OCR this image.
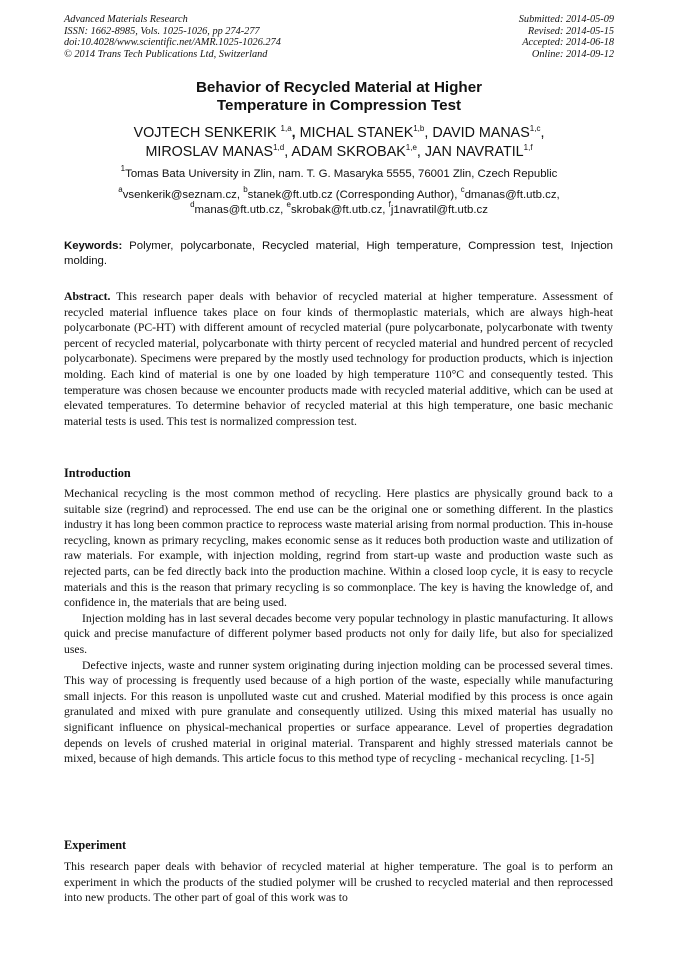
Advanced Materials Research
ISSN: 1662-8985, Vols. 1025-1026, pp 274-277
doi:10.4028/www.scientific.net/AMR.1025-1026.274
© 2014 Trans Tech Publications Ltd, Switzerland
Submitted: 2014-05-09
Revised: 2014-05-15
Accepted: 2014-06-18
Online: 2014-09-12
Behavior of Recycled Material at Higher
Temperature in Compression Test
VOJTECH SENKERIK $^{1,a}$, MICHAL STANEK$^{1,b}$, DAVID MANAS$^{1,c}$,
MIROSLAV MANAS$^{1,d}$, ADAM SKROBAK$^{1,e}$, JAN NAVRATIL$^{1,f}$
$^1$Tomas Bata University in Zlin, nam. T. G. Masaryka 5555, 76001 Zlin, Czech Republic
$^a$vsenkerik@seznam.cz, $^b$stanek@ft.utb.cz (Corresponding Author), $^c$dmanas@ft.utb.cz,
$^d$manas@ft.utb.cz, $^e$skrobak@ft.utb.cz, $^f$j1navratil@ft.utb.cz
Keywords: Polymer, polycarbonate, Recycled material, High temperature, Compression test, Injection molding.

Abstract. This research paper deals with behavior of recycled material at higher temperature. Assessment of recycled material influence takes place on four kinds of thermoplastic materials, which are always high-heat polycarbonate (PC-HT) with different amount of recycled material (pure polycarbonate, polycarbonate with twenty percent of recycled material, polycarbonate with thirty percent of recycled material and hundred percent of recycled polycarbonate). Specimens were prepared by the mostly used technology for production products, which is injection molding. Each kind of material is one by one loaded by high temperature 110°C and consequently tested. This temperature was chosen because we encounter products made with recycled material additive, which can be used at elevated temperatures. To determine behavior of recycled material at this high temperature, one basic mechanic material tests is used. This test is normalized compression test.

Introduction

Mechanical recycling is the most common method of recycling. Here plastics are physically ground back to a suitable size (regrind) and reprocessed. The end use can be the original one or something different. In the plastics industry it has long been common practice to reprocess waste material arising from normal production. This in-house recycling, known as primary recycling, makes economic sense as it reduces both production waste and utilization of raw materials. For example, with injection molding, regrind from start-up waste and production waste such as rejected parts, can be fed directly back into the production machine. Within a closed loop cycle, it is easy to recycle materials and this is the reason that primary recycling is so commonplace. The key is having the knowledge of, and confidence in, the materials that are being used.

Injection molding has in last several decades become very popular technology in plastic manufacturing. It allows quick and precise manufacture of different polymer based products not only for daily life, but also for specialized uses.

Defective injects, waste and runner system originating during injection molding can be processed several times. This way of processing is frequently used because of a high portion of the waste, especially while manufacturing small injects. For this reason is unpolluted waste cut and crushed. Material modified by this process is once again granulated and mixed with pure granulate and consequently utilized. Using this mixed material has usually no significant influence on physical-mechanical properties or surface appearance. Level of properties degradation depends on levels of crushed material in original material. Transparent and highly stressed materials cannot be mixed, because of high demands. This article focus to this method type of recycling - mechanical recycling. [1-5]

Experiment

This research paper deals with behavior of recycled material at higher temperature. The goal is to perform an experiment in which the products of the studied polymer will be crushed to recycled material and then reprocessed into new products. The other part of goal of this work was to
